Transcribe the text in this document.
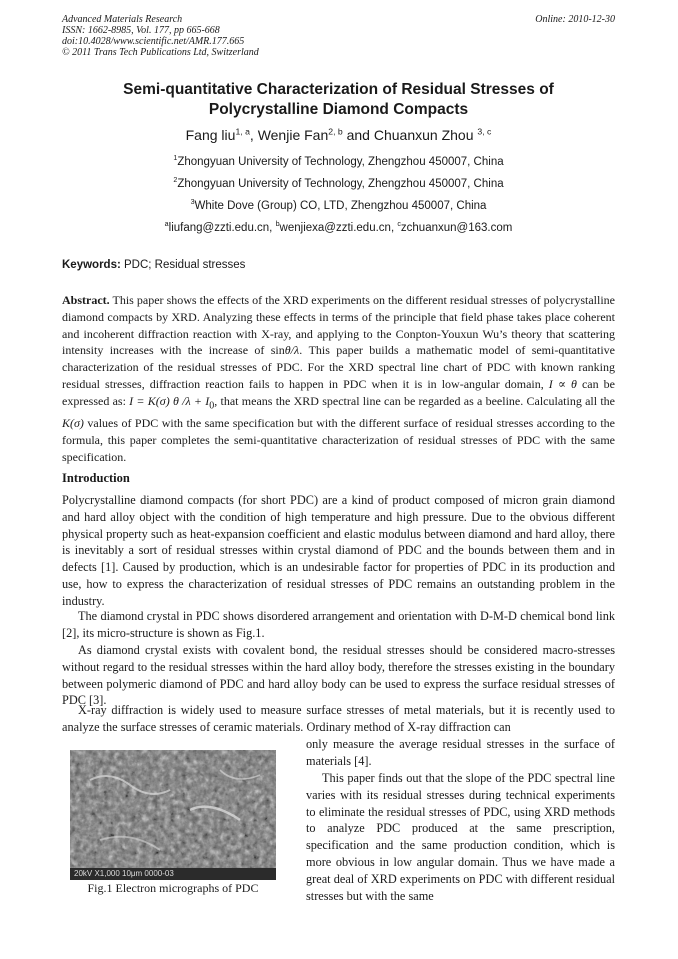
Advanced Materials Research
ISSN: 1662-8985, Vol. 177, pp 665-668
doi:10.4028/www.scientific.net/AMR.177.665
© 2011 Trans Tech Publications Ltd, Switzerland
Online: 2010-12-30
Semi-quantitative Characterization of Residual Stresses of
Polycrystalline Diamond Compacts
Fang liu$^{1, a}$, Wenjie Fan$^{2, b}$ and Chuanxun Zhou $^{3, c}$
$^1$Zhongyuan University of Technology, Zhengzhou 450007, China
$^2$Zhongyuan University of Technology, Zhengzhou 450007, China
$^3$White Dove (Group) CO, LTD, Zhengzhou 450007, China
$^a$liufang@zzti.edu.cn, $^b$wenjiexa@zzti.edu.cn, $^c$zchuanxun@163.com
Keywords: PDC; Residual stresses

Abstract. This paper shows the effects of the XRD experiments on the different residual stresses of polycrystalline diamond compacts by XRD. Analyzing these effects in terms of the principle that field phase takes place coherent and incoherent diffraction reaction with X-ray, and applying to the Conpton-Youxun Wu’s theory that scattering intensity increases with the increase of sinθ/λ. This paper builds a mathematic model of semi-quantitative characterization of the residual stresses of PDC. For the XRD spectral line chart of PDC with known ranking residual stresses, diffraction reaction fails to happen in PDC when it is in low-angular domain, I ∝ θ can be expressed as: I = K(σ) θ $/\lambda + I_0$, that means the XRD spectral line can be regarded as a beeline. Calculating all the K(σ) values of PDC with the same specification but with the different surface of residual stresses according to the formula, this paper completes the semi-quantitative characterization of residual stresses of PDC with the same specification.

Introduction

Polycrystalline diamond compacts (for short PDC) are a kind of product composed of micron grain diamond and hard alloy object with the condition of high temperature and high pressure. Due to the obvious different physical property such as heat-expansion coefficient and elastic modulus between diamond and hard alloy, there is inevitably a sort of residual stresses within crystal diamond of PDC and the bounds between them and in defects [1]. Caused by production, which is an undesirable factor for properties of PDC in its production and use, how to express the characterization of residual stresses of PDC remains an outstanding problem in the industry.

The diamond crystal in PDC shows disordered arrangement and orientation with D-M-D chemical bond link [2], its micro-structure is shown as Fig.1.

As diamond crystal exists with covalent bond, the residual stresses should be considered macro-stresses without regard to the residual stresses within the hard alloy body, therefore the stresses existing in the boundary between polymeric diamond of PDC and hard alloy body can be used to express the surface residual stresses of PDC [3].

X-ray diffraction is widely used to measure surface stresses of metal materials, but it is recently used to analyze the surface stresses of ceramic materials. Ordinary method of X-ray diffraction can

only measure the average residual stresses in the surface of materials [4].

This paper finds out that the slope of the PDC spectral line varies with its residual stresses during technical experiments to eliminate the residual stresses of PDC, using XRD methods to analyze PDC produced at the same prescription, specification and the same production condition, which is more obvious in low angular domain. Thus we have made a great deal of XRD experiments on PDC with different residual stresses but with the same

20kV X1,000 10μm 0000-03
Fig.1 Electron micrographs of PDC
